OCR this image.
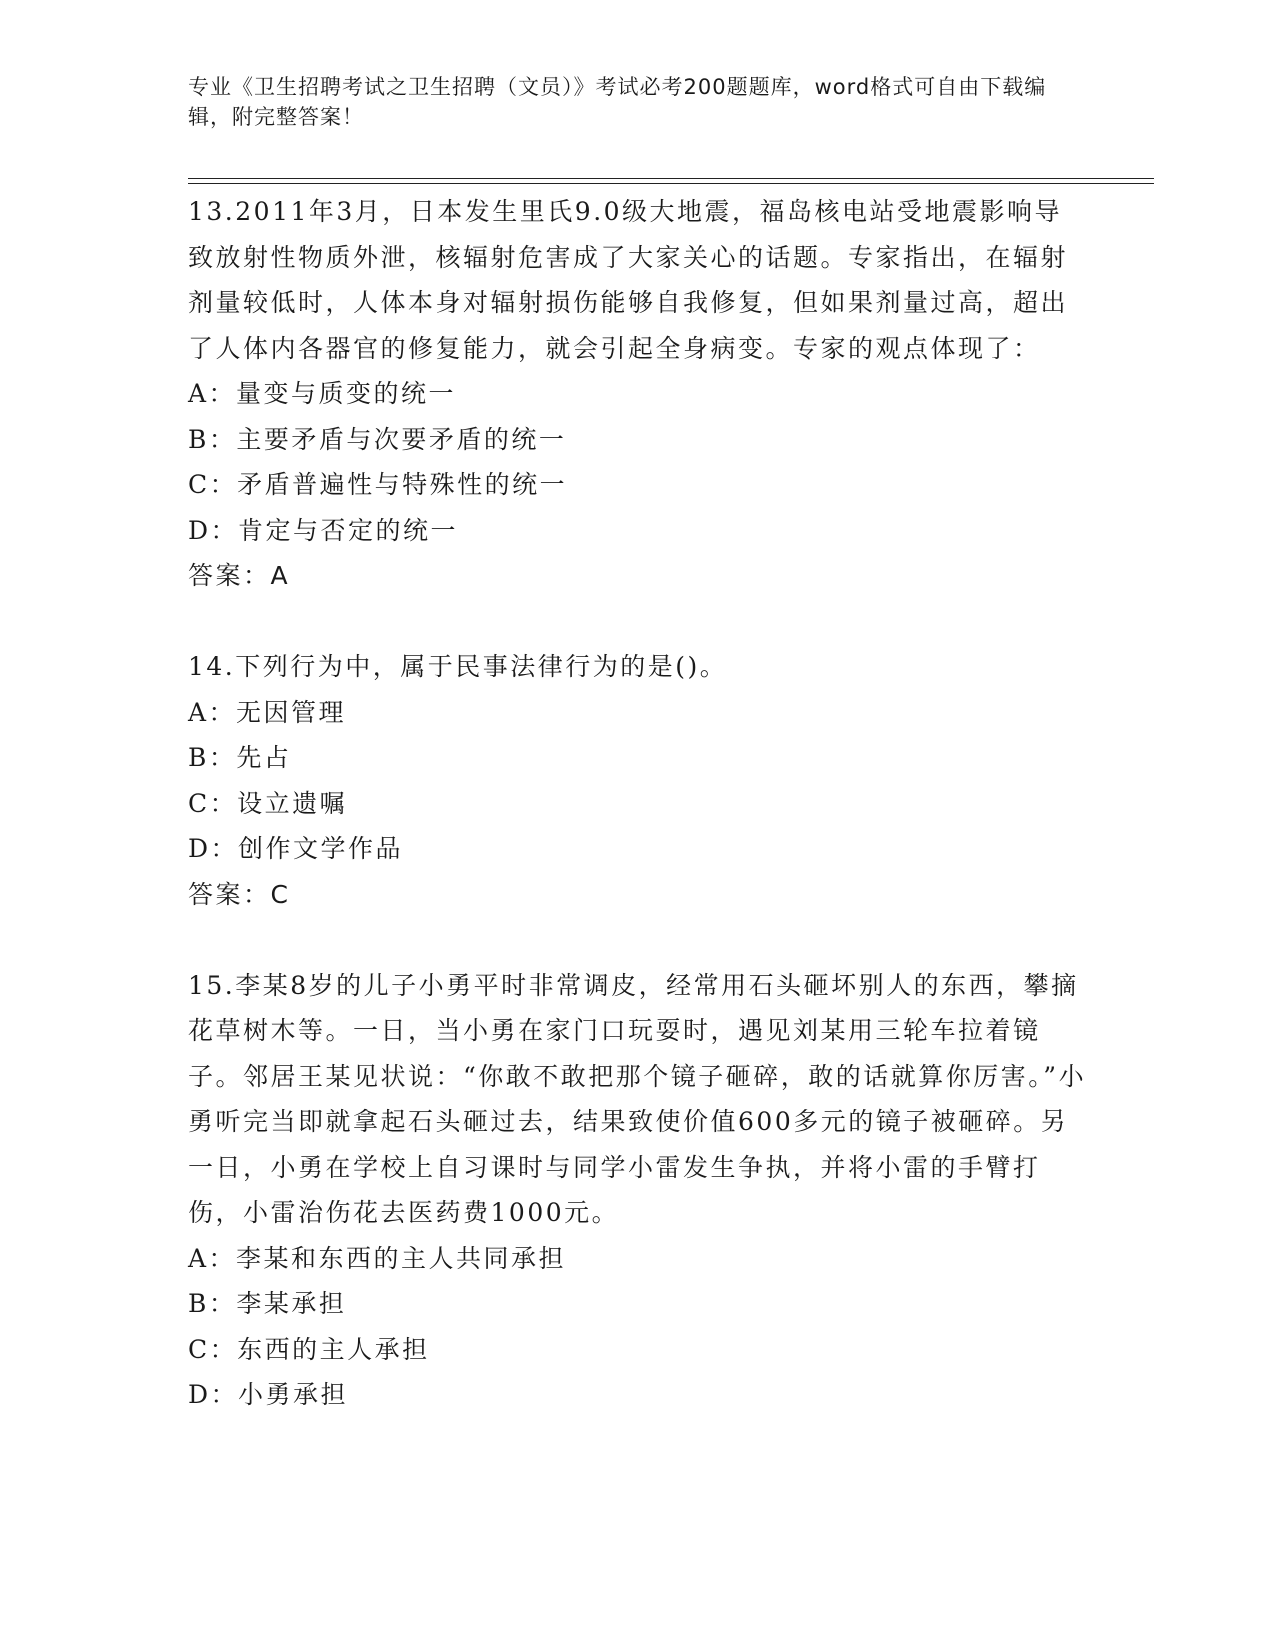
专业《卫生招聘考试之卫生招聘（文员）》考试必考200题题库，word格式可自由下载编辑，附完整答案！

13.2011年3月，日本发生里氏9.0级大地震，福岛核电站受地震影响导致放射性物质外泄，核辐射危害成了大家关心的话题。专家指出，在辐射剂量较低时，人体本身对辐射损伤能够自我修复，但如果剂量过高，超出了人体内各器官的修复能力，就会引起全身病变。专家的观点体现了：

A：量变与质变的统一

B：主要矛盾与次要矛盾的统一

C：矛盾普遍性与特殊性的统一

D：肯定与否定的统一

答案：A

14.下列行为中，属于民事法律行为的是()。

A：无因管理

B：先占

C：设立遗嘱

D：创作文学作品

答案：C

15.李某8岁的儿子小勇平时非常调皮，经常用石头砸坏别人的东西，攀摘花草树木等。一日，当小勇在家门口玩耍时，遇见刘某用三轮车拉着镜子。邻居王某见状说：“你敢不敢把那个镜子砸碎，敢的话就算你厉害。”小勇听完当即就拿起石头砸过去，结果致使价值600多元的镜子被砸碎。另一日，小勇在学校上自习课时与同学小雷发生争执，并将小雷的手臂打伤，小雷治伤花去医药费1000元。

A：李某和东西的主人共同承担

B：李某承担

C：东西的主人承担

D：小勇承担
